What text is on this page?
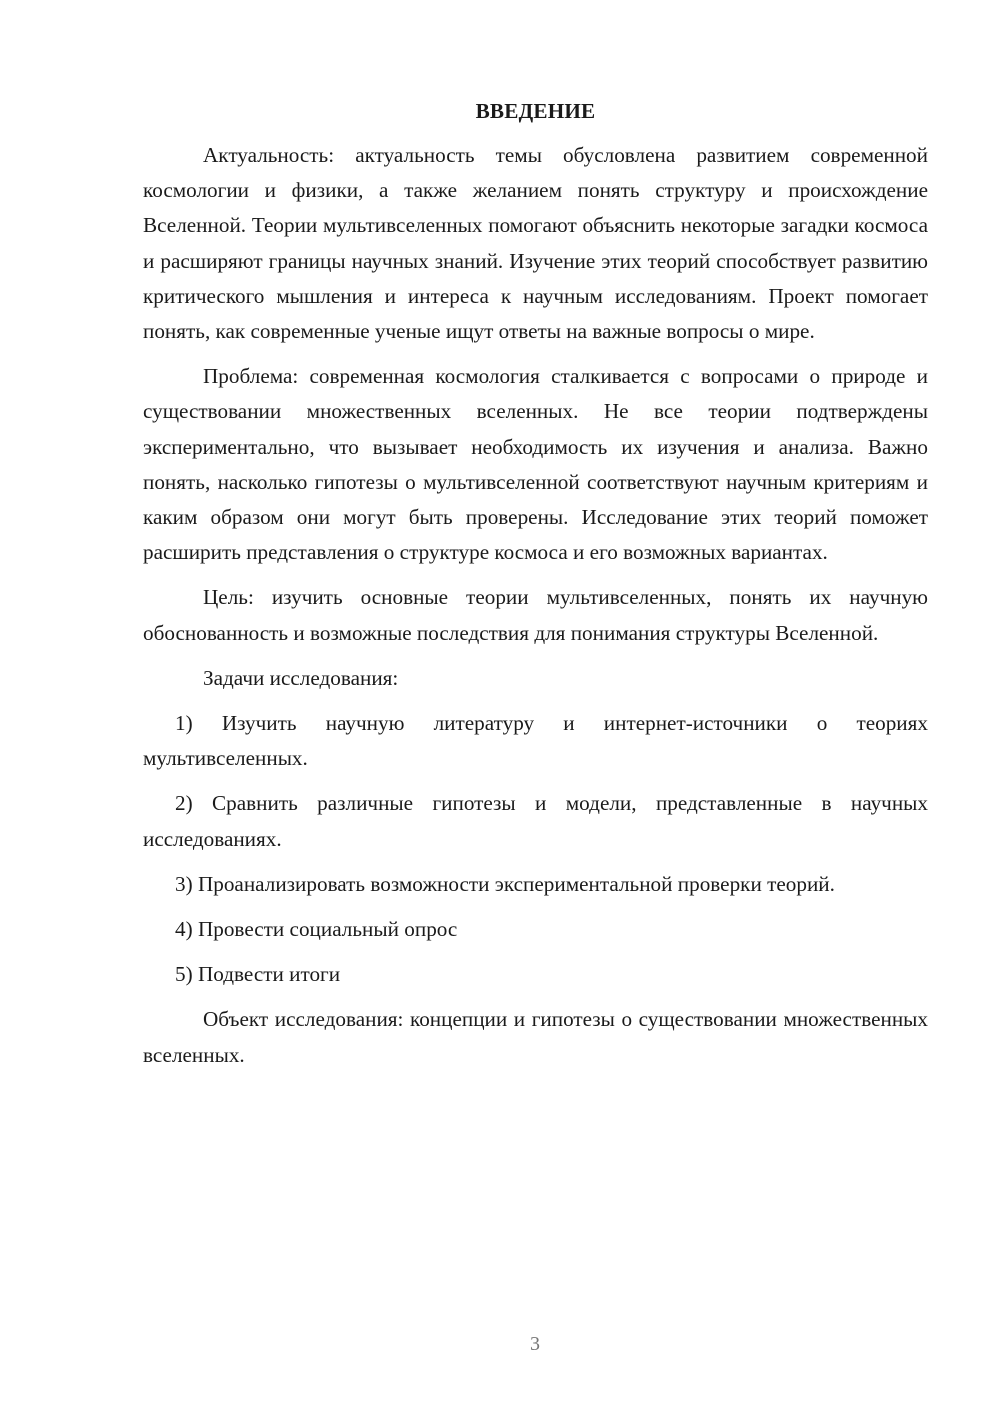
ВВЕДЕНИЕ

Актуальность: актуальность темы обусловлена развитием современной космологии и физики, а также желанием понять структуру и происхождение Вселенной. Теории мультивселенных помогают объяснить некоторые загадки космоса и расширяют границы научных знаний. Изучение этих теорий способствует развитию критического мышления и интереса к научным исследованиям. Проект помогает понять, как современные ученые ищут ответы на важные вопросы о мире.

Проблема: современная космология сталкивается с вопросами о природе и существовании множественных вселенных. Не все теории подтверждены экспериментально, что вызывает необходимость их изучения и анализа. Важно понять, насколько гипотезы о мультивселенной соответствуют научным критериям и каким образом они могут быть проверены. Исследование этих теорий поможет расширить представления о структуре космоса и его возможных вариантах.

Цель: изучить основные теории мультивселенных, понять их научную обоснованность и возможные последствия для понимания структуры Вселенной.

Задачи исследования:

1) Изучить научную литературу и интернет-источники о теориях мультивселенных.

2) Сравнить различные гипотезы и модели, представленные в научных исследованиях.

3) Проанализировать возможности экспериментальной проверки теорий.

4) Провести социальный опрос

5) Подвести итоги

Объект исследования: концепции и гипотезы о существовании множественных вселенных.

3
